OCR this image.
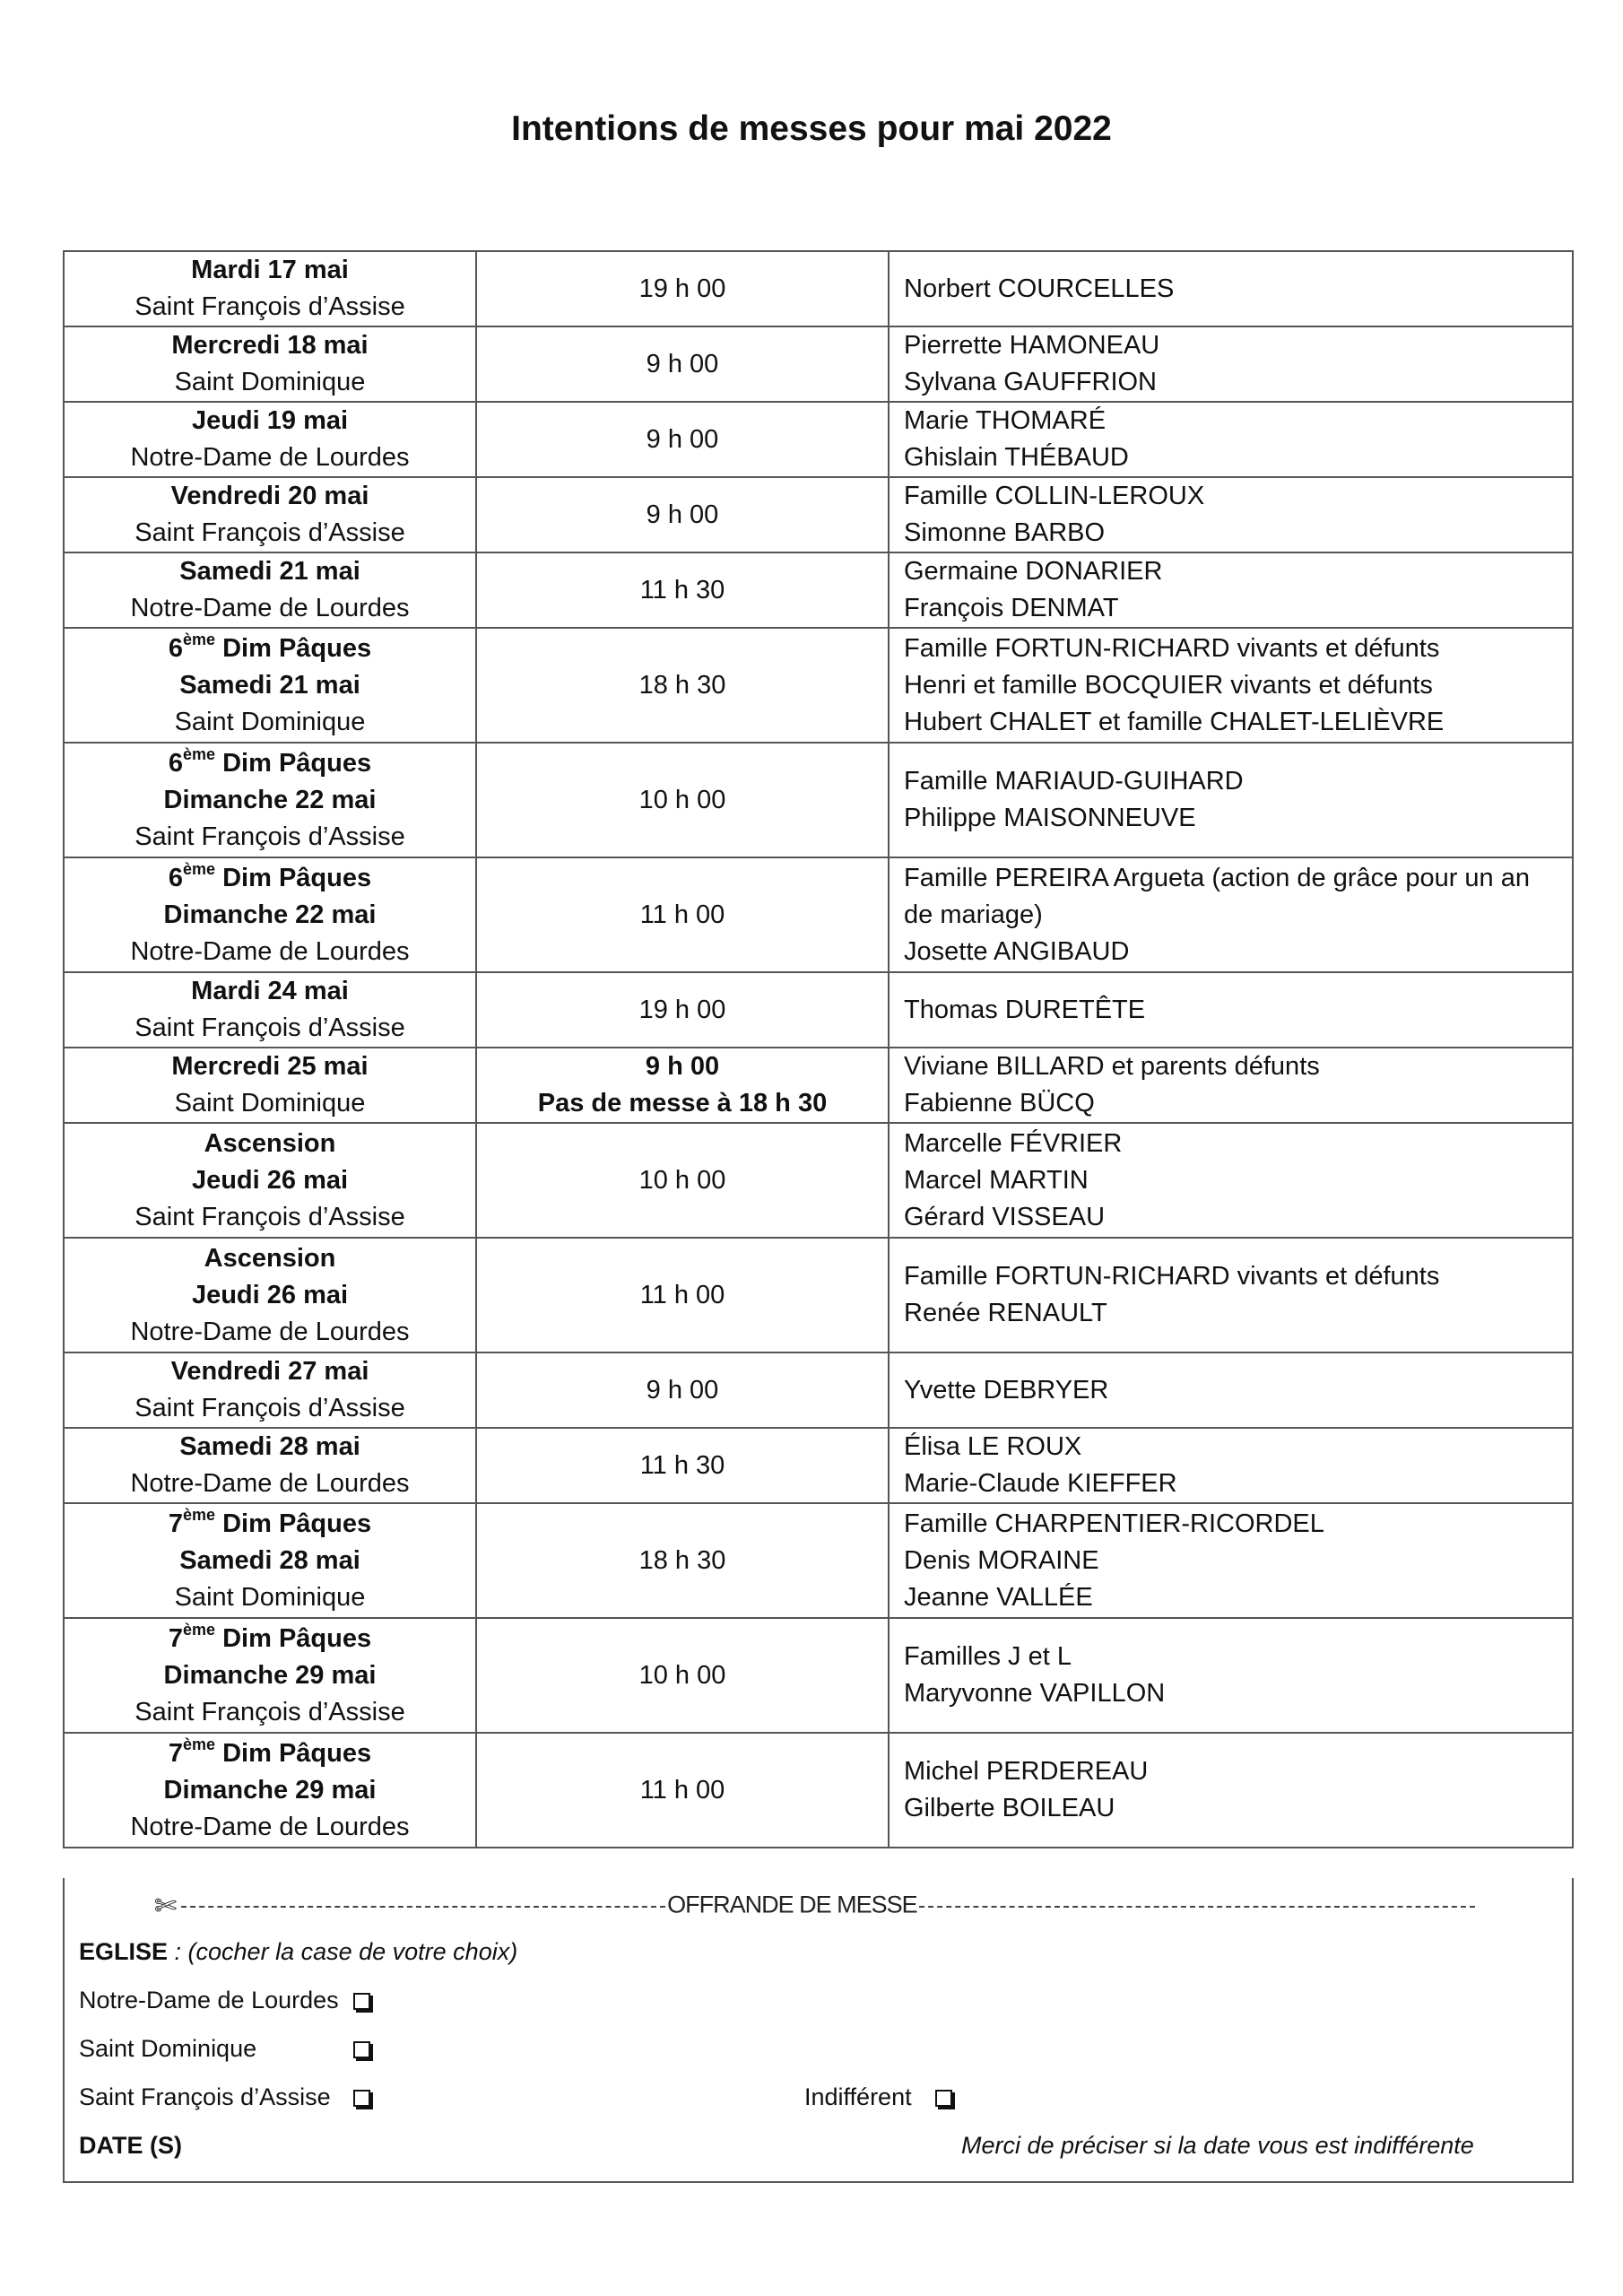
Intentions de messes pour mai 2022
Mardi 17 mai
Saint François d’Assise	19 h 00	Norbert COURCELLES

Mercredi 18 mai
Saint Dominique	9 h 00	Pierrette HAMONEAU
Sylvana GAUFFRION

Jeudi 19 mai
Notre-Dame de Lourdes	9 h 00	Marie THOMARÉ
Ghislain THÉBAUD

Vendredi 20 mai
Saint François d’Assise	9 h 00	Famille COLLIN-LEROUX
Simonne BARBO

Samedi 21 mai
Notre-Dame de Lourdes	11 h 30	Germaine DONARIER
François DENMAT

6ème Dim Pâques
Samedi 21 mai
Saint Dominique	18 h 30	Famille FORTUN-RICHARD vivants et défunts
Henri et famille BOCQUIER vivants et défunts
Hubert CHALET et famille CHALET-LELIÈVRE

6ème Dim Pâques
Dimanche 22 mai
Saint François d’Assise	10 h 00	Famille MARIAUD-GUIHARD
Philippe MAISONNEUVE

6ème Dim Pâques
Dimanche 22 mai
Notre-Dame de Lourdes	11 h 00	Famille PEREIRA Argueta (action de grâce pour un an
de mariage)
Josette ANGIBAUD

Mardi 24 mai
Saint François d’Assise	19 h 00	Thomas DURETÊTE

Mercredi 25 mai
Saint Dominique	9 h 00
Pas de messe à 18 h 30	Viviane BILLARD et parents défunts
Fabienne BÜCQ

Ascension
Jeudi 26 mai
Saint François d’Assise	10 h 00	Marcelle FÉVRIER
Marcel MARTIN
Gérard VISSEAU

Ascension
Jeudi 26 mai
Notre-Dame de Lourdes	11 h 00	Famille FORTUN-RICHARD vivants et défunts
Renée RENAULT

Vendredi 27 mai
Saint François d’Assise	9 h 00	Yvette DEBRYER

Samedi 28 mai
Notre-Dame de Lourdes	11 h 30	Élisa LE ROUX
Marie-Claude KIEFFER

7ème Dim Pâques
Samedi 28 mai
Saint Dominique	18 h 30	Famille CHARPENTIER-RICORDEL
Denis MORAINE
Jeanne VALLÉE

7ème Dim Pâques
Dimanche 29 mai
Saint François d’Assise	10 h 00	Familles J et L
Maryvonne VAPILLON

7ème Dim Pâques
Dimanche 29 mai
Notre-Dame de Lourdes	11 h 00	Michel PERDEREAU
Gilberte BOILEAU
✄	OFFRANDE DE MESSE
EGLISE : (cocher la case de votre choix)
Notre-Dame de Lourdes
Saint Dominique
Saint François d’Assise	Indifférent
DATE (S)	Merci de préciser si la date vous est indifférente
